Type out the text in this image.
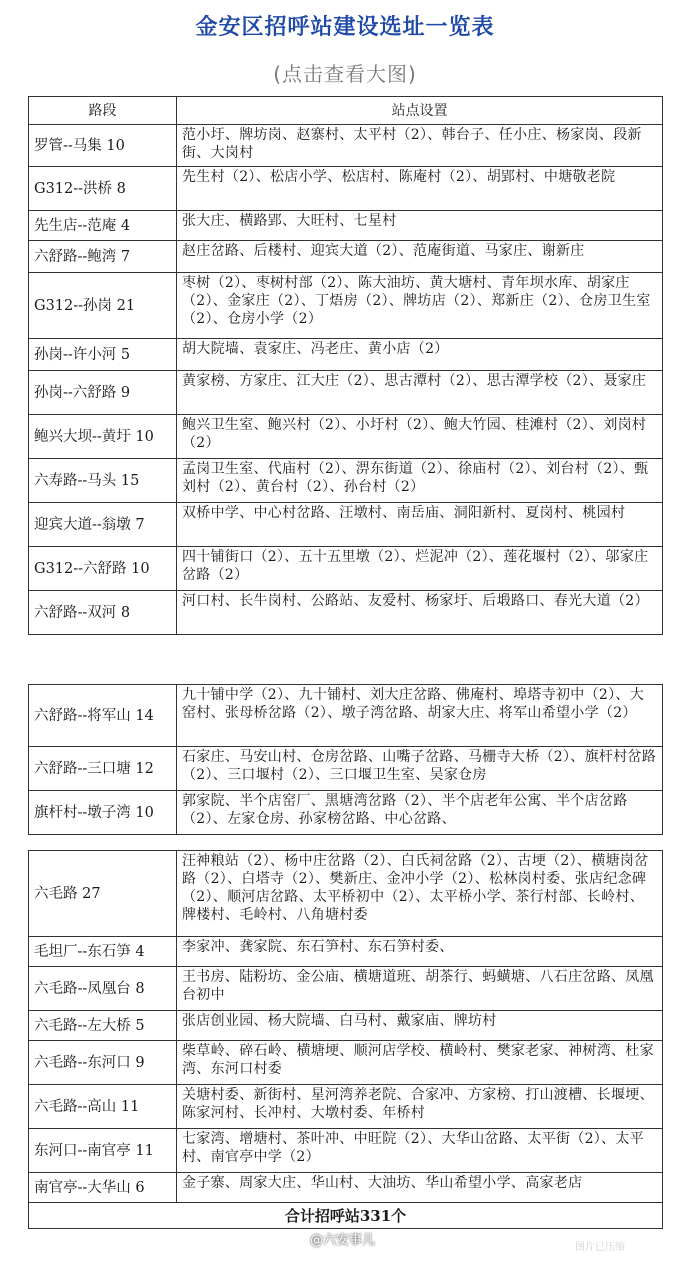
金安区招呼站建设选址一览表
(点击查看大图)
路段	站点设置
罗管--马集 10	范小圩、牌坊岗、赵寨村、太平村（2）、韩台子、任小庄、杨家岗、段新街、大岗村
G312--洪桥 8	先生村（2）、松店小学、松店村、陈庵村（2）、胡郢村、中塘敬老院
先生店--范庵 4	张大庄、横路郢、大旺村、七星村
六舒路--鲍湾 7	赵庄岔路、后楼村、迎宾大道（2）、范庵街道、马家庄、谢新庄
G312--孙岗 21	枣树（2）、枣树村部（2）、陈大油坊、黄大塘村、青年坝水库、胡家庄（2）、金家庄（2）、丁焐房（2）、牌坊店（2）、郑新庄（2）、仓房卫生室（2）、仓房小学（2）
孙岗--许小河 5	胡大院墙、袁家庄、冯老庄、黄小店（2）
孙岗--六舒路 9	黄家榜、方家庄、江大庄（2）、思古潭村（2）、思古潭学校（2）、聂家庄
鲍兴大坝--黄圩 10	鲍兴卫生室、鲍兴村（2）、小圩村（2）、鲍大竹园、桂滩村（2）、刘岗村（2）
六寿路--马头 15	孟岗卫生室、代庙村（2）、淠东街道（2）、徐庙村（2）、刘台村（2）、甄刘村（2）、黄台村（2）、孙台村（2）
迎宾大道--翁墩 7	双桥中学、中心村岔路、汪墩村、南岳庙、洞阳新村、夏岗村、桃园村
G312--六舒路 10	四十铺街口（2）、五十五里墩（2）、烂泥冲（2）、莲花堰村（2）、邬家庄岔路（2）
六舒路--双河 8	河口村、长牛岗村、公路站、友爱村、杨家圩、后塅路口、春光大道（2）
六舒路--将军山 14	九十铺中学（2）、九十铺村、刘大庄岔路、佛庵村、埠塔寺初中（2）、大窑村、张母桥岔路（2）、墩子湾岔路、胡家大庄、将军山希望小学（2）
六舒路--三口塘 12	石家庄、马安山村、仓房岔路、山嘴子岔路、马栅寺大桥（2）、旗杆村岔路（2）、三口堰村（2）、三口堰卫生室、吴家仓房
旗杆村--墩子湾 10	郭家院、半个店窑厂、黑塘湾岔路（2）、半个店老年公寓、半个店岔路（2）、左家仓房、孙家榜岔路、中心岔路、
六毛路 27	汪神粮站（2）、杨中庄岔路（2）、白氏祠岔路（2）、古埂（2）、横塘岗岔路（2）、白塔寺（2）、樊新庄、金冲小学（2）、松林岗村委、张店纪念碑（2）、顺河店岔路、太平桥初中（2）、太平桥小学、茶行村部、长岭村、牌楼村、毛岭村、八角塘村委
毛坦厂--东石笋 4	李家冲、龚家院、东石笋村、东石笋村委、
六毛路--凤凰台 8	王书房、陆粉坊、金公庙、横塘道班、胡茶行、蚂蟥塘、八石庄岔路、凤凰台初中
六毛路--左大桥 5	张店创业园、杨大院墙、白马村、戴家庙、牌坊村
六毛路--东河口 9	柴草岭、碎石岭、横塘埂、顺河店学校、横岭村、樊家老家、神树湾、杜家湾、东河口村委
六毛路--高山 11	关塘村委、新街村、星河湾养老院、合家冲、方家榜、打山渡槽、长堰埂、陈家河村、长冲村、大墩村委、年桥村
东河口--南官亭 11	七家湾、增塘村、茶叶冲、中旺院（2）、大华山岔路、太平街（2）、太平村、南官亭中学（2）
南官亭--大华山 6	金子寨、周家大庄、华山村、大油坊、华山希望小学、高家老店
合计招呼站331个	
@六安事儿	图片已压缩
